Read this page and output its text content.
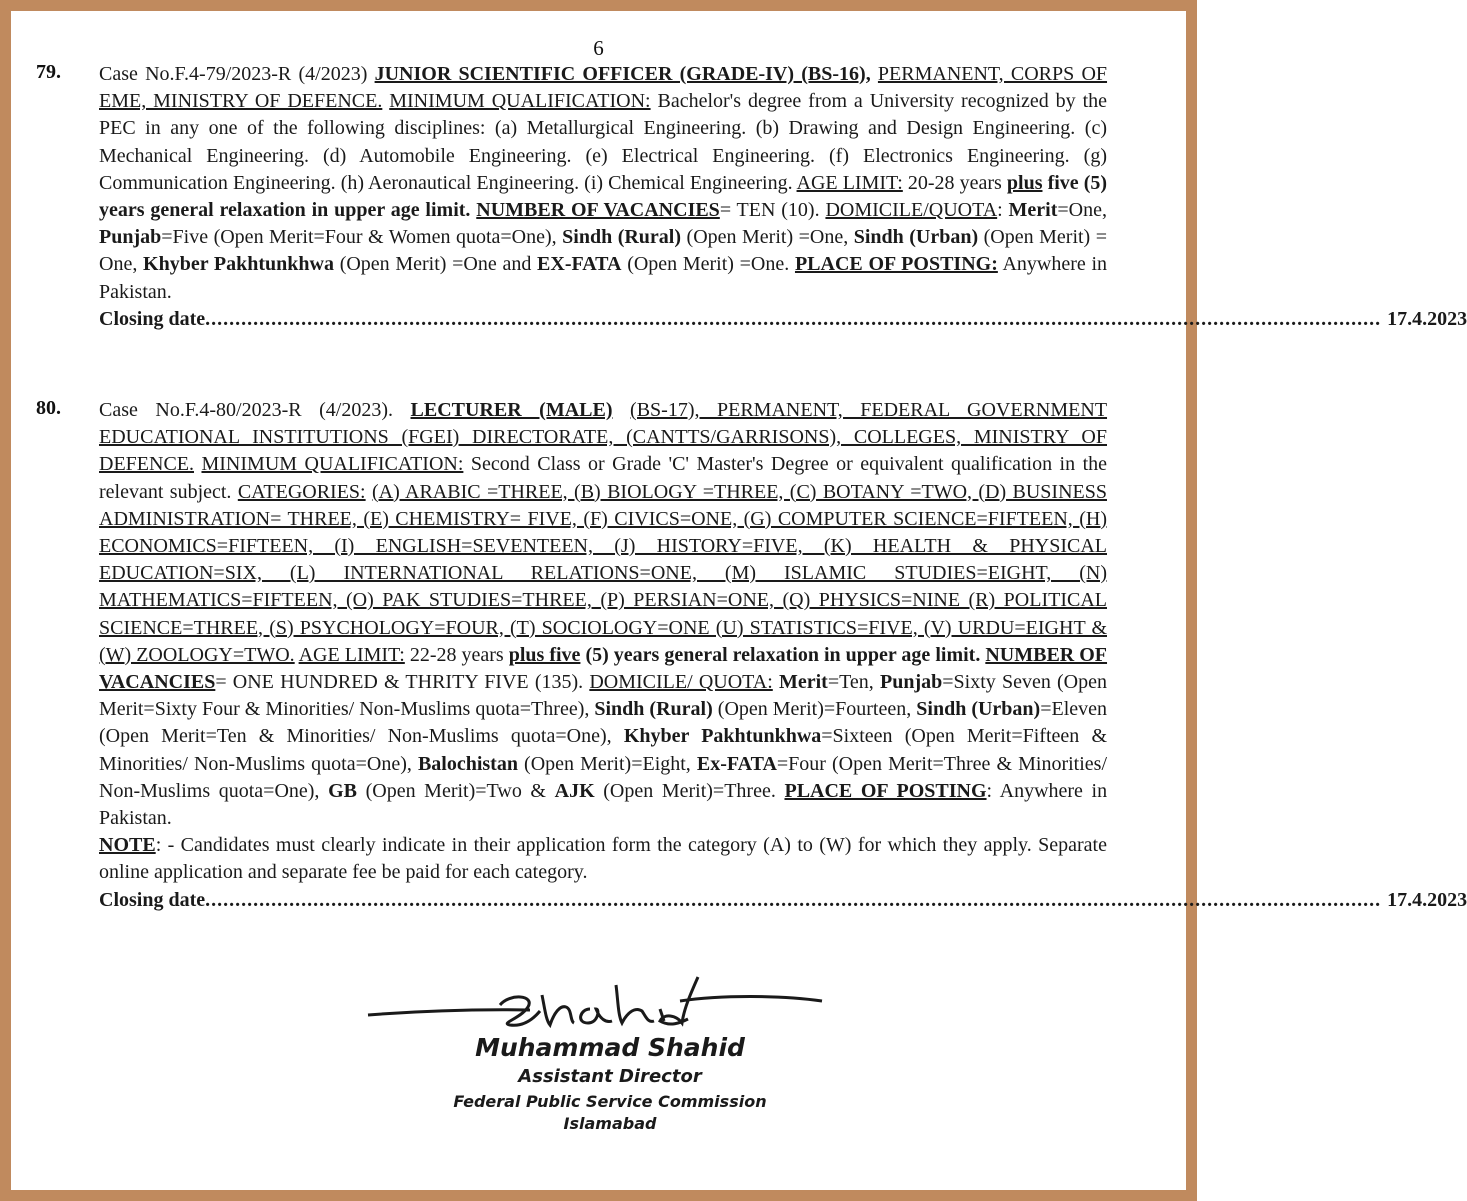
6
79. Case No.F.4-79/2023-R (4/2023) JUNIOR SCIENTIFIC OFFICER (GRADE-IV) (BS-16), PERMANENT, CORPS OF EME, MINISTRY OF DEFENCE. MINIMUM QUALIFICATION: Bachelor's degree from a University recognized by the PEC in any one of the following disciplines: (a) Metallurgical Engineering. (b) Drawing and Design Engineering. (c) Mechanical Engineering. (d) Automobile Engineering. (e) Electrical Engineering. (f) Electronics Engineering. (g) Communication Engineering. (h) Aeronautical Engineering. (i) Chemical Engineering. AGE LIMIT: 20-28 years plus five (5) years general relaxation in upper age limit. NUMBER OF VACANCIES= TEN (10). DOMICILE/QUOTA: Merit=One, Punjab=Five (Open Merit=Four & Women quota=One), Sindh (Rural) (Open Merit) =One, Sindh (Urban) (Open Merit) = One, Khyber Pakhtunkhwa (Open Merit) =One and EX-FATA (Open Merit) =One. PLACE OF POSTING: Anywhere in Pakistan.
Closing date .................................................................................................................................................................................................... 17.4.2023
80. Case No.F.4-80/2023-R (4/2023). LECTURER (MALE) (BS-17), PERMANENT, FEDERAL GOVERNMENT EDUCATIONAL INSTITUTIONS (FGEI) DIRECTORATE, (CANTTS/GARRISONS), COLLEGES, MINISTRY OF DEFENCE. MINIMUM QUALIFICATION: Second Class or Grade 'C' Master's Degree or equivalent qualification in the relevant subject. CATEGORIES: (A) ARABIC =THREE, (B) BIOLOGY =THREE, (C) BOTANY =TWO, (D) BUSINESS ADMINISTRATION= THREE, (E) CHEMISTRY= FIVE, (F) CIVICS=ONE, (G) COMPUTER SCIENCE=FIFTEEN, (H) ECONOMICS=FIFTEEN, (I) ENGLISH=SEVENTEEN, (J) HISTORY=FIVE, (K) HEALTH & PHYSICAL EDUCATION=SIX, (L) INTERNATIONAL RELATIONS=ONE, (M) ISLAMIC STUDIES=EIGHT, (N) MATHEMATICS=FIFTEEN, (O) PAK STUDIES=THREE, (P) PERSIAN=ONE, (Q) PHYSICS=NINE (R) POLITICAL SCIENCE=THREE, (S) PSYCHOLOGY=FOUR, (T) SOCIOLOGY=ONE (U) STATISTICS=FIVE, (V) URDU=EIGHT & (W) ZOOLOGY=TWO. AGE LIMIT: 22-28 years plus five (5) years general relaxation in upper age limit. NUMBER OF VACANCIES= ONE HUNDRED & THRITY FIVE (135). DOMICILE/ QUOTA: Merit=Ten, Punjab=Sixty Seven (Open Merit=Sixty Four & Minorities/ Non-Muslims quota=Three), Sindh (Rural) (Open Merit)=Fourteen, Sindh (Urban)=Eleven (Open Merit=Ten & Minorities/ Non-Muslims quota=One), Khyber Pakhtunkhwa=Sixteen (Open Merit=Fifteen & Minorities/ Non-Muslims quota=One), Balochistan (Open Merit)=Eight, Ex-FATA=Four (Open Merit=Three & Minorities/ Non-Muslims quota=One), GB (Open Merit)=Two & AJK (Open Merit)=Three. PLACE OF POSTING: Anywhere in Pakistan.
NOTE: - Candidates must clearly indicate in their application form the category (A) to (W) for which they apply. Separate online application and separate fee be paid for each category.
Closing date .................................................................................................................................................................................................... 17.4.2023
Muhammad Shahid
Assistant Director
Federal Public Service Commission
Islamabad
